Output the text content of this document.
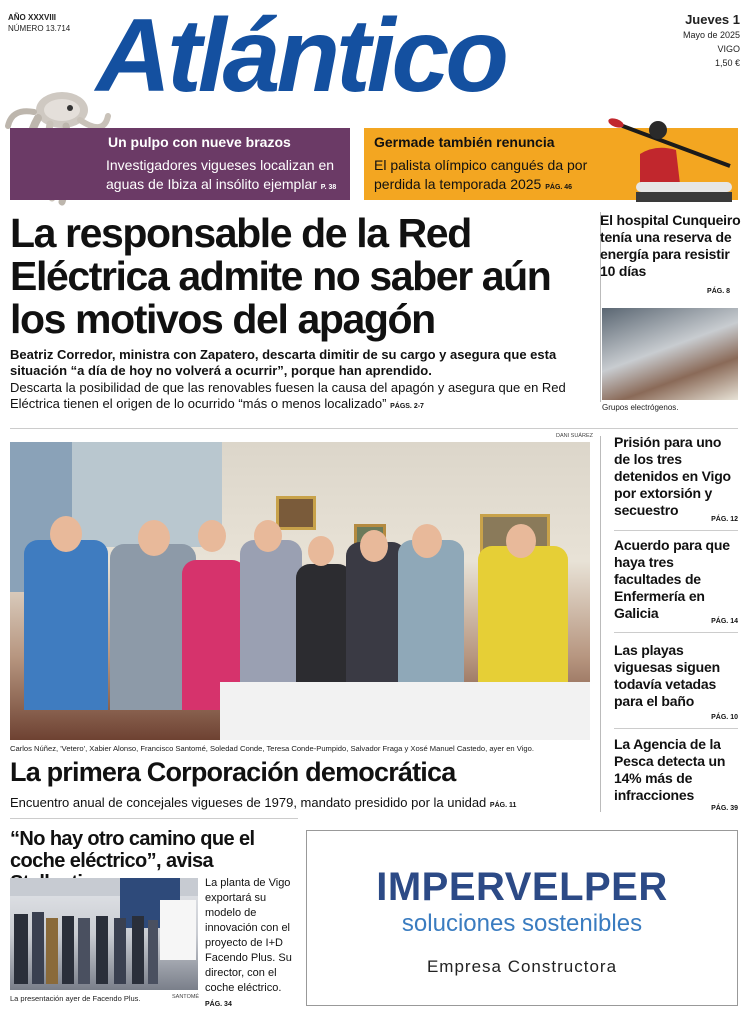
AÑO XXXVIII
NÚMERO 13.714 Atlántico	Jueves 1
Mayo de 2025
VIGO
1,50 €
Un pulpo con nueve brazos
Investigadores vigueses localizan en aguas de Ibiza al insólito ejemplar P. 38
Germade también renuncia
El palista olímpico cangués da por perdida la temporada 2025 PÁG. 46
La responsable de la Red Eléctrica admite no saber aún los motivos del apagón
Beatriz Corredor, ministra con Zapatero, descarta dimitir de su cargo y asegura que esta situación “a día de hoy no volverá a ocurrir”, porque han aprendido.
Descarta la posibilidad de que las renovables fuesen la causa del apagón y asegura que en Red Eléctrica tienen el origen de lo ocurrido “más o menos localizado” PÁGS. 2-7
El hospital Cunqueiro tenía una reserva de energía para resistir 10 días
PÁG. 8
Grupos electrógenos.
DANI SUÁREZ
Carlos Núñez, 'Vetero', Xabier Alonso, Francisco Santomé, Soledad Conde, Teresa Conde-Pumpido, Salvador Fraga y Xosé Manuel Castedo, ayer en Vigo.
La primera Corporación democrática
Encuentro anual de concejales vigueses de 1979, mandato presidido por la unidad PÁG. 11
Prisión para uno de los tres detenidos en Vigo por extorsión y secuestro
PÁG. 12
Acuerdo para que haya tres facultades de Enfermería en Galicia
PÁG. 14
Las playas viguesas siguen todavía vetadas para el baño
PÁG. 10
La Agencia de la Pesca detecta un 14% más de infracciones
PÁG. 39
“No hay otro camino que el coche eléctrico”, avisa
La presentación ayer de Facendo Plus.	SANTOMÉ
La planta de Vigo exportará su modelo de innovación con el proyecto de I+D Facendo Plus. Su director, con el coche eléctrico. PÁG. 34
IMPERVELPER
soluciones sostenibles
Empresa Constructora
